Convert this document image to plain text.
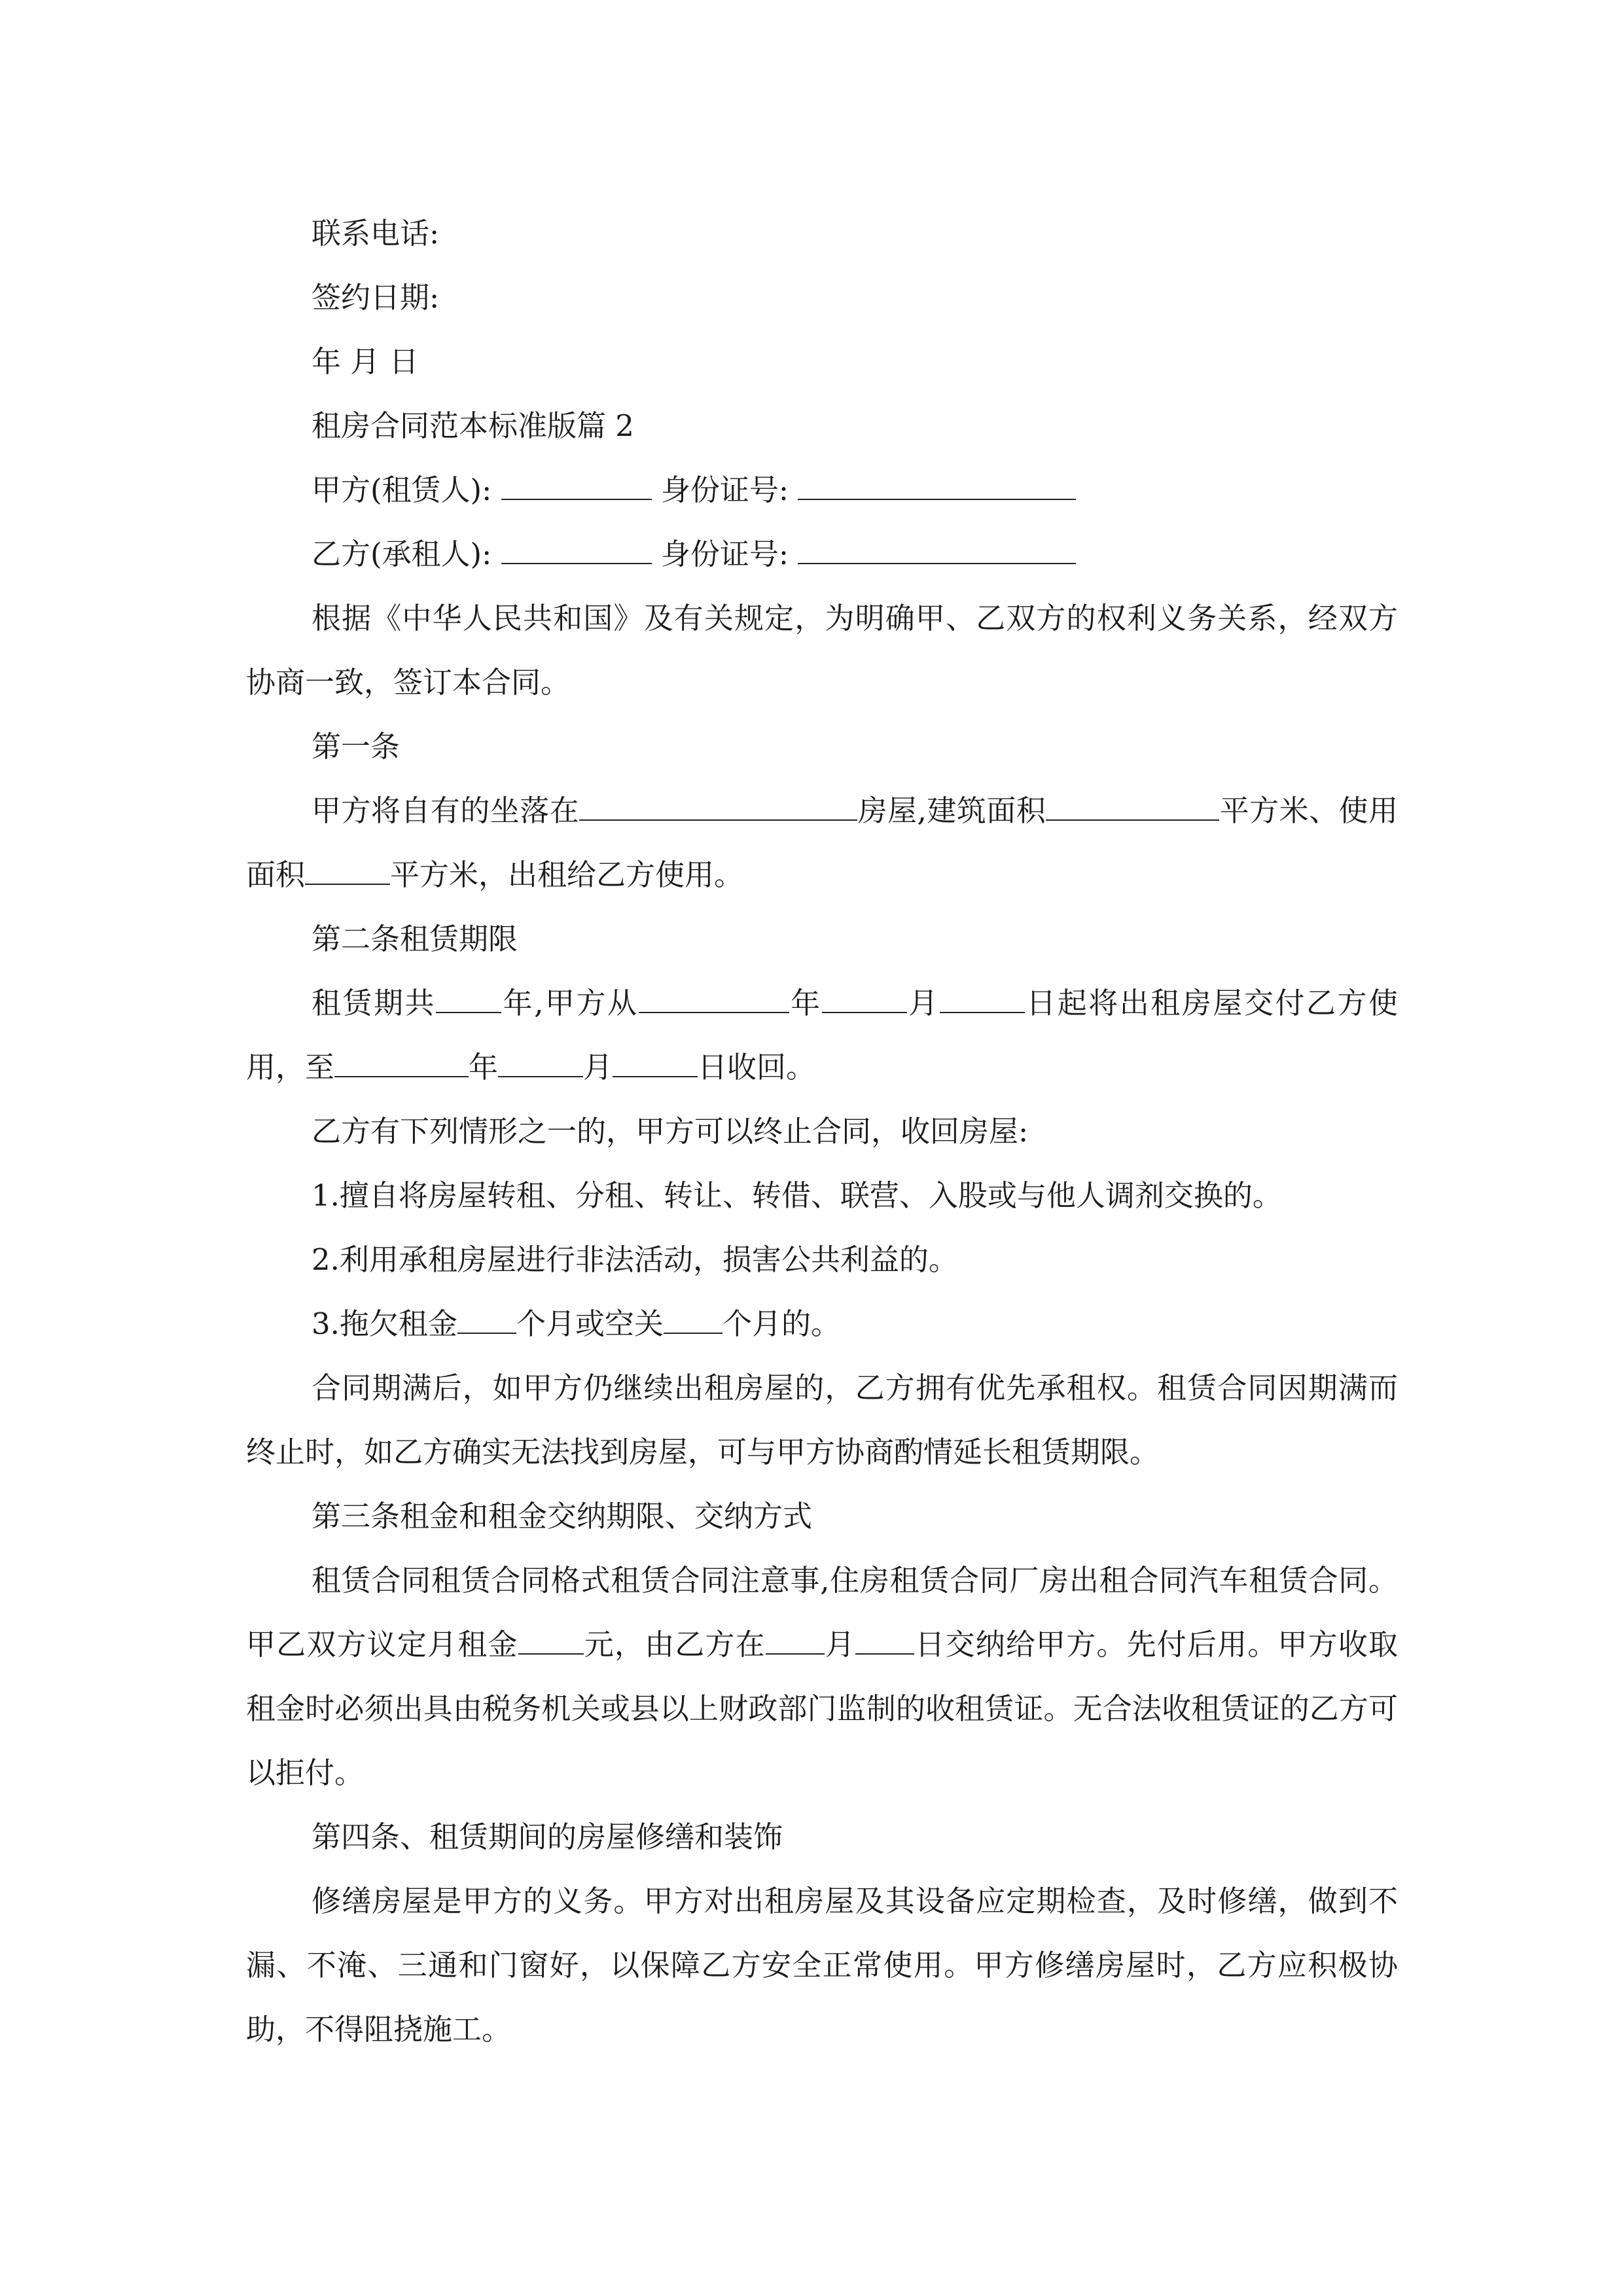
联系电话:
签约日期:
年 月 日
租房合同范本标准版篇 2
甲方(租赁人):	身份证号:
乙方(承租人):	身份证号:
根据《中华人民共和国》及有关规定，为明确甲、乙双方的权利义务关系，经双方协商一致，签订本合同。
第一条
甲方将自有的坐落在	房屋,建筑面积	平方米、使用面积	平方米，出租给乙方使用。
第二条租赁期限
租赁期共 年,甲方从	年	月	日起将出租房屋交付乙方使用，至	年	月	日收回。
乙方有下列情形之一的，甲方可以终止合同，收回房屋:
1.擅自将房屋转租、分租、转让、转借、联营、入股或与他人调剂交换的。
2.利用承租房屋进行非法活动，损害公共利益的。
3.拖欠租金 个月或空关 个月的。
合同期满后，如甲方仍继续出租房屋的，乙方拥有优先承租权。租赁合同因期满而终止时，如乙方确实无法找到房屋，可与甲方协商酌情延长租赁期限。
第三条租金和租金交纳期限、交纳方式
租赁合同租赁合同格式租赁合同注意事,住房租赁合同厂房出租合同汽车租赁合同。甲乙双方议定月租金 元，由乙方在 月 日交纳给甲方。先付后用。甲方收取租金时必须出具由税务机关或县以上财政部门监制的收租赁证。无合法收租赁证的乙方可以拒付。
第四条、租赁期间的房屋修缮和装饰
修缮房屋是甲方的义务。甲方对出租房屋及其设备应定期检查，及时修缮，做到不漏、不淹、三通和门窗好，以保障乙方安全正常使用。甲方修缮房屋时，乙方应积极协助，不得阻挠施工。
